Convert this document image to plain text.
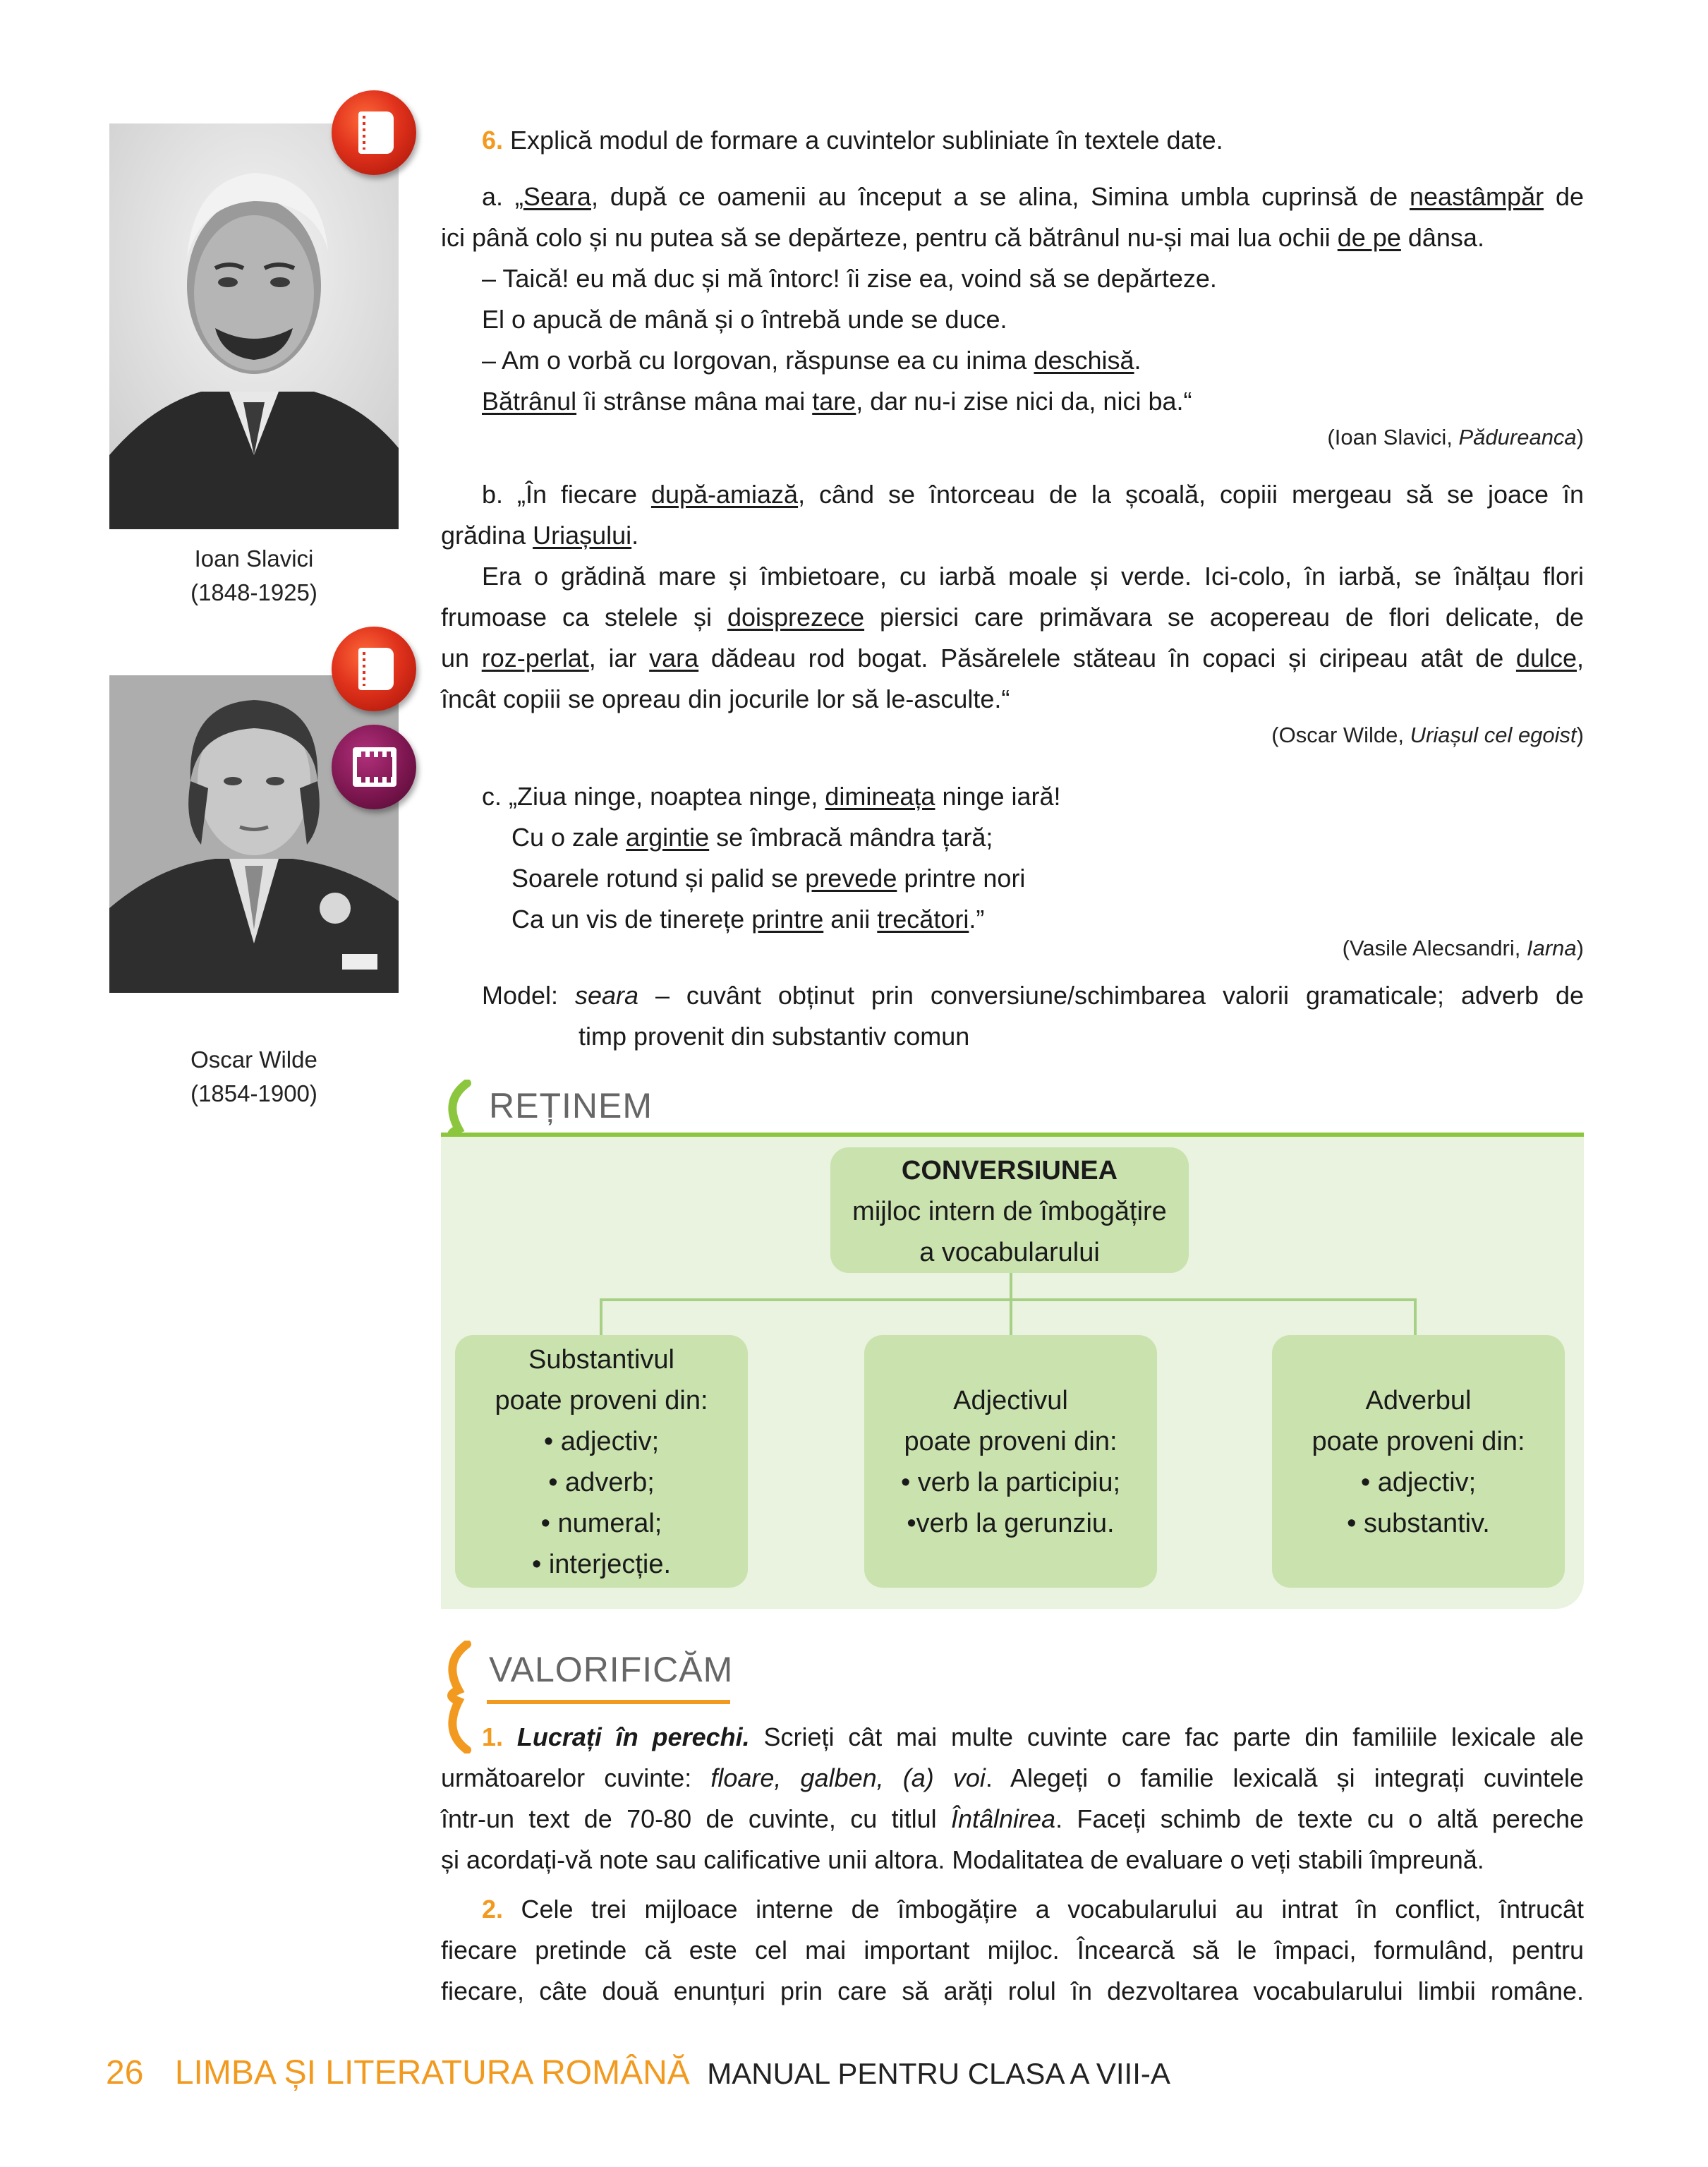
Ioan Slavici
(1848-1925)
Oscar Wilde
(1854-1900)
6. Explică modul de formare a cuvintelor subliniate în textele date.
a. „Seara, după ce oamenii au început a se alina, Simina umbla cuprinsă de neastâmpăr de
ici până colo și nu putea să se depărteze, pentru că bătrânul nu-și mai lua ochii de pe dânsa.
– Taică! eu mă duc și mă întorc! îi zise ea, voind să se depărteze.
El o apucă de mână și o întrebă unde se duce.
– Am o vorbă cu Iorgovan, răspunse ea cu inima deschisă.
Bătrânul îi strânse mâna mai tare, dar nu-i zise nici da, nici ba.“
(Ioan Slavici, Pădureanca)
b. „În fiecare după-amiază, când se întorceau de la școală, copiii mergeau să se joace în
grădina Uriașului.
Era o grădină mare și îmbietoare, cu iarbă moale și verde. Ici-colo, în iarbă, se înălțau flori
frumoase ca stelele și doisprezece piersici care primăvara se acopereau de flori delicate, de
un roz-perlat, iar vara dădeau rod bogat. Păsărelele stăteau în copaci și ciripeau atât de dulce,
încât copiii se opreau din jocurile lor să le-asculte.“
(Oscar Wilde, Uriașul cel egoist)
c. „Ziua ninge, noaptea ninge, dimineața ninge iară!
Cu o zale argintie se îmbracă mândra țară;
Soarele rotund și palid se prevede printre nori
Ca un vis de tinerețe printre anii trecători.”
(Vasile Alecsandri, Iarna)
Model: seara – cuvânt obținut prin conversiune/schimbarea valorii gramaticale; adverb de
timp provenit din substantiv comun
REȚINEM
CONVERSIUNEA
mijloc intern de îmbogățire
a vocabularului
Substantivul
poate proveni din:
• adjectiv;
• adverb;
• numeral;
• interjecție.
Adjectivul
poate proveni din:
• verb la participiu;
•verb la gerunziu.
Adverbul
poate proveni din:
• adjectiv;
• substantiv.
VALORIFICĂM
1. Lucrați în perechi. Scrieți cât mai multe cuvinte care fac parte din familiile lexicale ale
următoarelor cuvinte: floare, galben, (a) voi. Alegeți o familie lexicală și integrați cuvintele
într-un text de 70-80 de cuvinte, cu titlul Întâlnirea. Faceți schimb de texte cu o altă pereche
și acordați-vă note sau calificative unii altora. Modalitatea de evaluare o veți stabili împreună.
2. Cele trei mijloace interne de îmbogățire a vocabularului au intrat în conflict, întrucât
fiecare pretinde că este cel mai important mijloc. Încearcă să le împaci, formulând, pentru
fiecare, câte două enunțuri prin care să arăți rolul în dezvoltarea vocabularului limbii române.
26 LIMBA ȘI LITERATURA ROMÂNĂ MANUAL PENTRU CLASA A VIII-A
